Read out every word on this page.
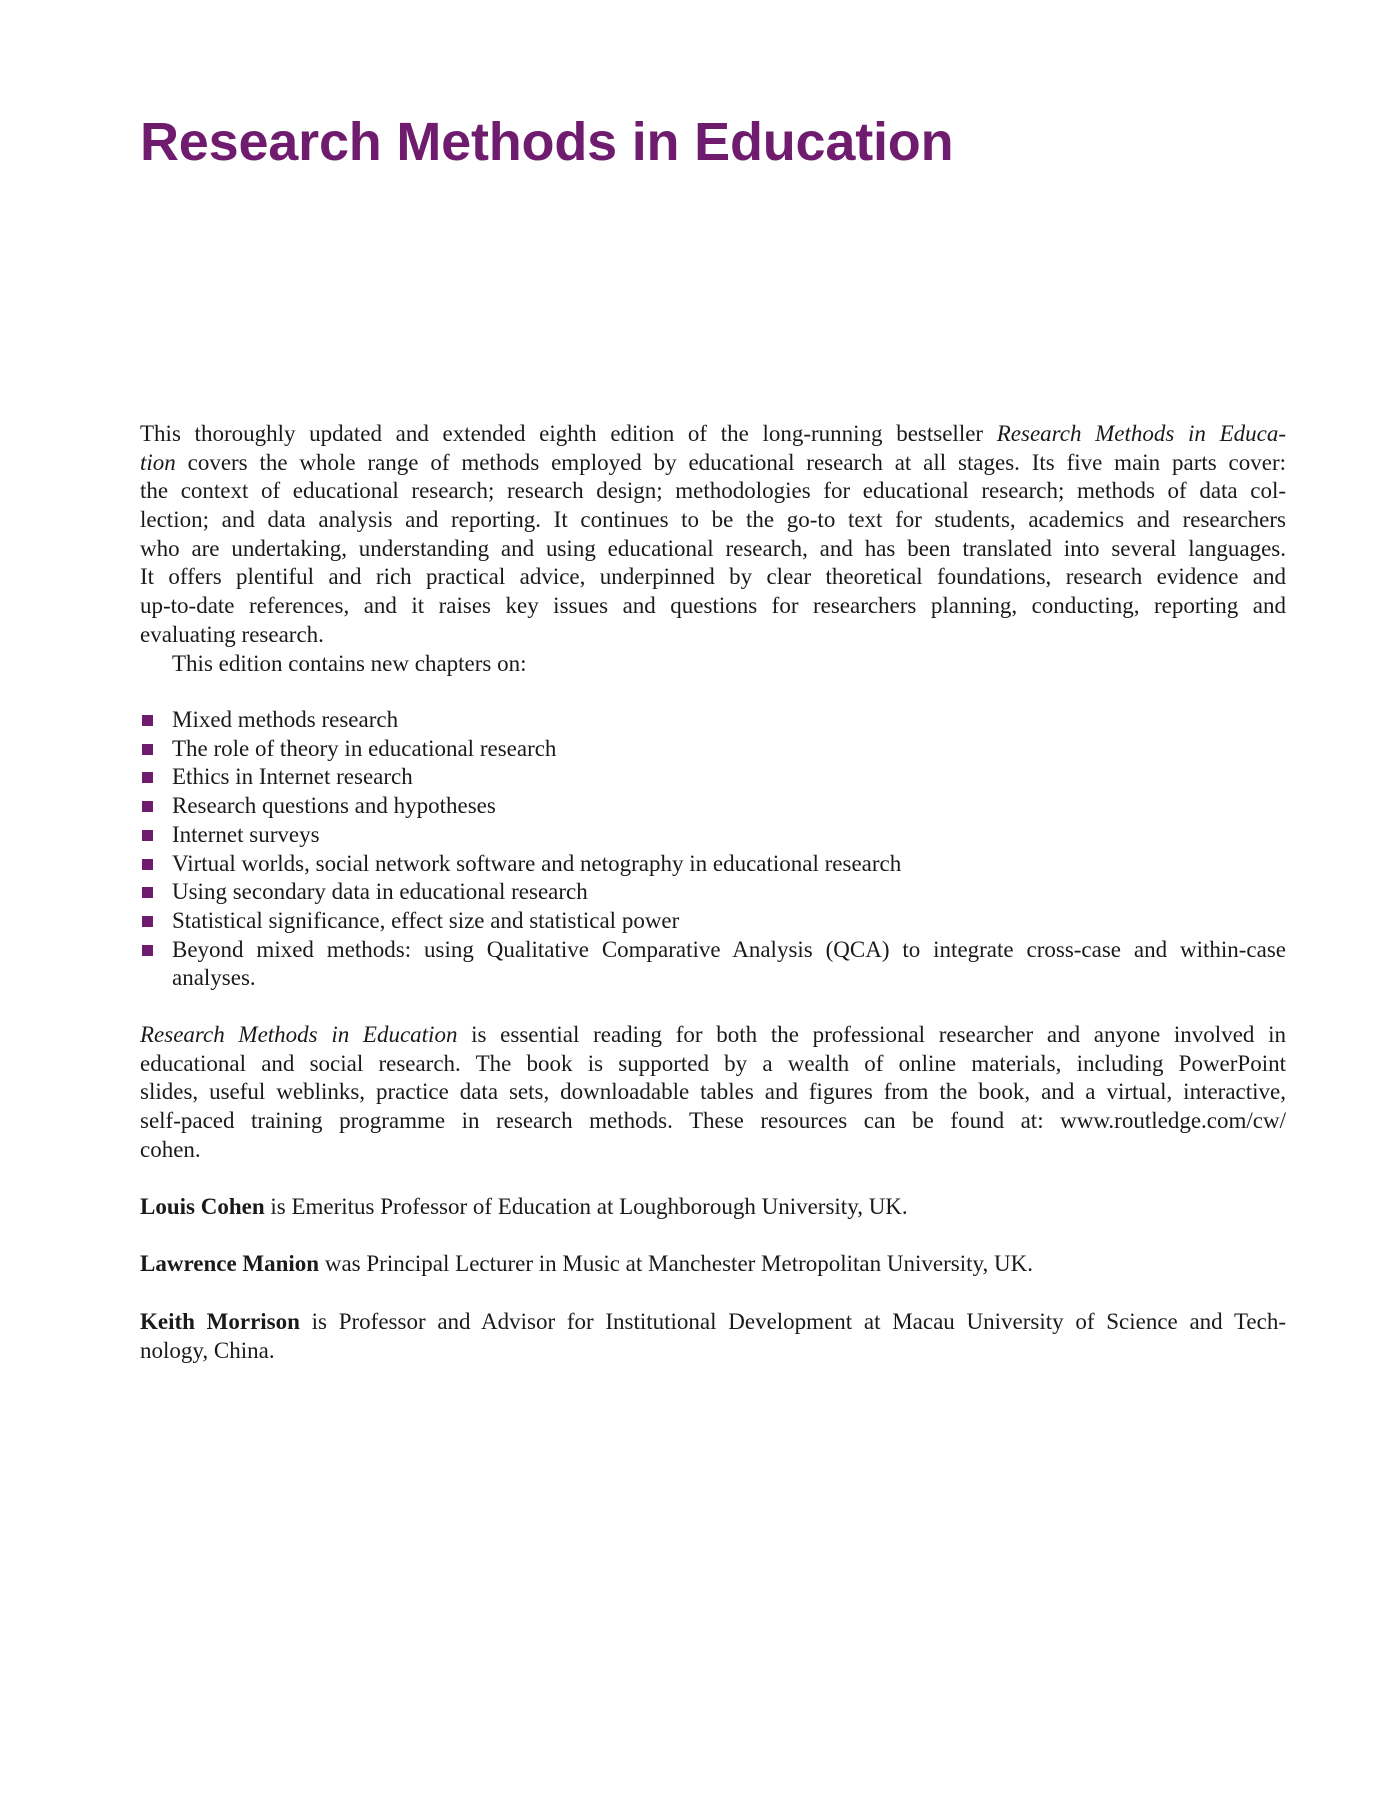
Research Methods in Education
This thoroughly updated and extended eighth edition of the long-running bestseller Research Methods in Educa-
tion covers the whole range of methods employed by educational research at all stages. Its five main parts cover:
the context of educational research; research design; methodologies for educational research; methods of data col-
lection; and data analysis and reporting. It continues to be the go-to text for students, academics and researchers
who are undertaking, understanding and using educational research, and has been translated into several languages.
It offers plentiful and rich practical advice, underpinned by clear theoretical foundations, research evidence and
up-to-date references, and it raises key issues and questions for researchers planning, conducting, reporting and
evaluating research.
This edition contains new chapters on:
Mixed methods research
The role of theory in educational research
Ethics in Internet research
Research questions and hypotheses
Internet surveys
Virtual worlds, social network software and netography in educational research
Using secondary data in educational research
Statistical significance, effect size and statistical power
Beyond mixed methods: using Qualitative Comparative Analysis (QCA) to integrate cross-case and within-case
analyses.
Research Methods in Education is essential reading for both the professional researcher and anyone involved in
educational and social research. The book is supported by a wealth of online materials, including PowerPoint
slides, useful weblinks, practice data sets, downloadable tables and figures from the book, and a virtual, interactive,
self-paced training programme in research methods. These resources can be found at: www.routledge.com/cw/
cohen.
Louis Cohen is Emeritus Professor of Education at Loughborough University, UK.
Lawrence Manion was Principal Lecturer in Music at Manchester Metropolitan University, UK.
Keith Morrison is Professor and Advisor for Institutional Development at Macau University of Science and Tech-
nology, China.
